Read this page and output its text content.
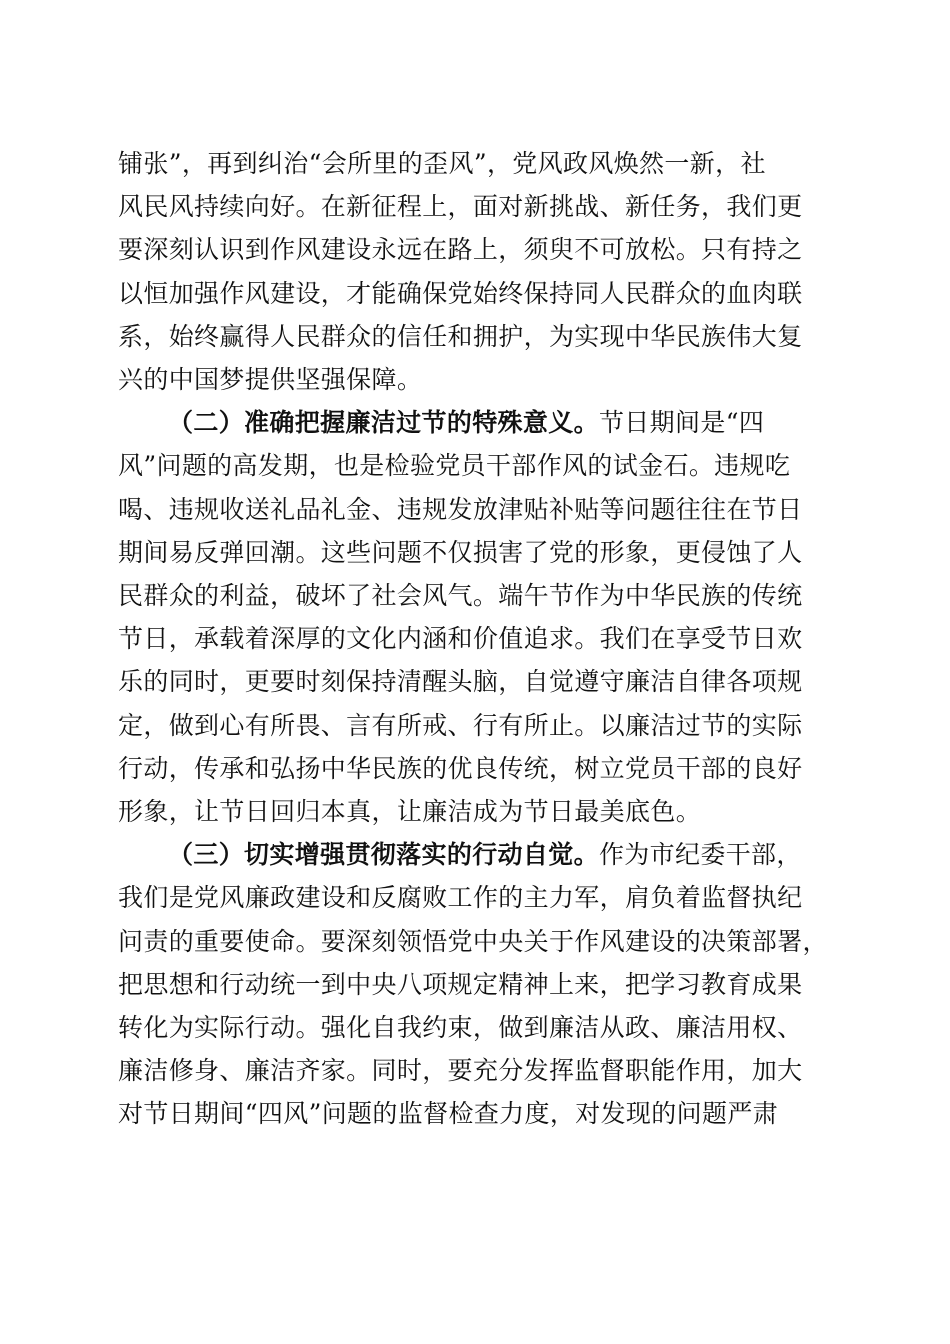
铺张”，再到纠治“会所里的歪风”，党风政风焕然一新，社
风民风持续向好。在新征程上，面对新挑战、新任务，我们更
要深刻认识到作风建设永远在路上，须臾不可放松。只有持之
以恒加强作风建设，才能确保党始终保持同人民群众的血肉联
系，始终赢得人民群众的信任和拥护，为实现中华民族伟大复
兴的中国梦提供坚强保障。
（二）准确把握廉洁过节的特殊意义。节日期间是“四
风”问题的高发期，也是检验党员干部作风的试金石。违规吃
喝、违规收送礼品礼金、违规发放津贴补贴等问题往往在节日
期间易反弹回潮。这些问题不仅损害了党的形象，更侵蚀了人
民群众的利益，破坏了社会风气。端午节作为中华民族的传统
节日，承载着深厚的文化内涵和价值追求。我们在享受节日欢
乐的同时，更要时刻保持清醒头脑，自觉遵守廉洁自律各项规
定，做到心有所畏、言有所戒、行有所止。以廉洁过节的实际
行动，传承和弘扬中华民族的优良传统，树立党员干部的良好
形象，让节日回归本真，让廉洁成为节日最美底色。
（三）切实增强贯彻落实的行动自觉。作为市纪委干部，
我们是党风廉政建设和反腐败工作的主力军，肩负着监督执纪
问责的重要使命。要深刻领悟党中央关于作风建设的决策部署，
把思想和行动统一到中央八项规定精神上来，把学习教育成果
转化为实际行动。强化自我约束，做到廉洁从政、廉洁用权、
廉洁修身、廉洁齐家。同时，要充分发挥监督职能作用，加大
对节日期间“四风”问题的监督检查力度，对发现的问题严肃
